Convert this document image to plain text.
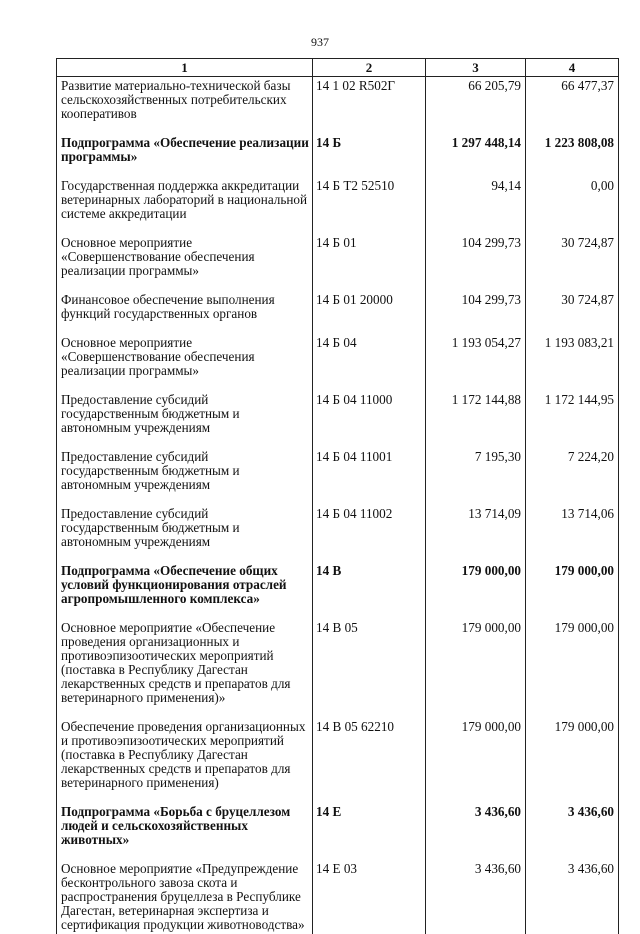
937
1	2	3	4
Развитие материально-технической базы сельскохозяйственных потребительских кооперативов	14 1 02 R502Г	66 205,79	66 477,37
Подпрограмма «Обеспечение реализации программы»	14 Б	1 297 448,14	1 223 808,08
Государственная поддержка аккредитации ветеринарных лабораторий в национальной системе аккредитации	14 Б Т2 52510	94,14	0,00
Основное мероприятие «Совершенствование обеспечения реализации программы»	14 Б 01	104 299,73	30 724,87
Финансовое обеспечение выполнения функций государственных органов	14 Б 01 20000	104 299,73	30 724,87
Основное мероприятие «Совершенствование обеспечения реализации программы»	14 Б 04	1 193 054,27	1 193 083,21
Предоставление субсидий государственным бюджетным и автономным учреждениям	14 Б 04 11000	1 172 144,88	1 172 144,95
Предоставление субсидий государственным бюджетным и автономным учреждениям	14 Б 04 11001	7 195,30	7 224,20
Предоставление субсидий государственным бюджетным и автономным учреждениям	14 Б 04 11002	13 714,09	13 714,06
Подпрограмма «Обеспечение общих условий функционирования отраслей агропромышленного комплекса»	14 В	179 000,00	179 000,00
Основное мероприятие «Обеспечение проведения организационных и противоэпизоотических мероприятий (поставка в Республику Дагестан лекарственных средств и препаратов для ветеринарного применения)»	14 В 05	179 000,00	179 000,00
Обеспечение проведения организационных и противоэпизоотических мероприятий (поставка в Республику Дагестан лекарственных средств и препаратов для ветеринарного применения)	14 В 05 62210	179 000,00	179 000,00
Подпрограмма «Борьба с бруцеллезом людей и сельскохозяйственных животных»	14 Е	3 436,60	3 436,60
Основное мероприятие «Предупреждение бесконтрольного завоза скота и распространения бруцеллеза в Республике Дагестан, ветеринарная экспертиза и сертификация продукции животноводства»	14 Е 03	3 436,60	3 436,60
